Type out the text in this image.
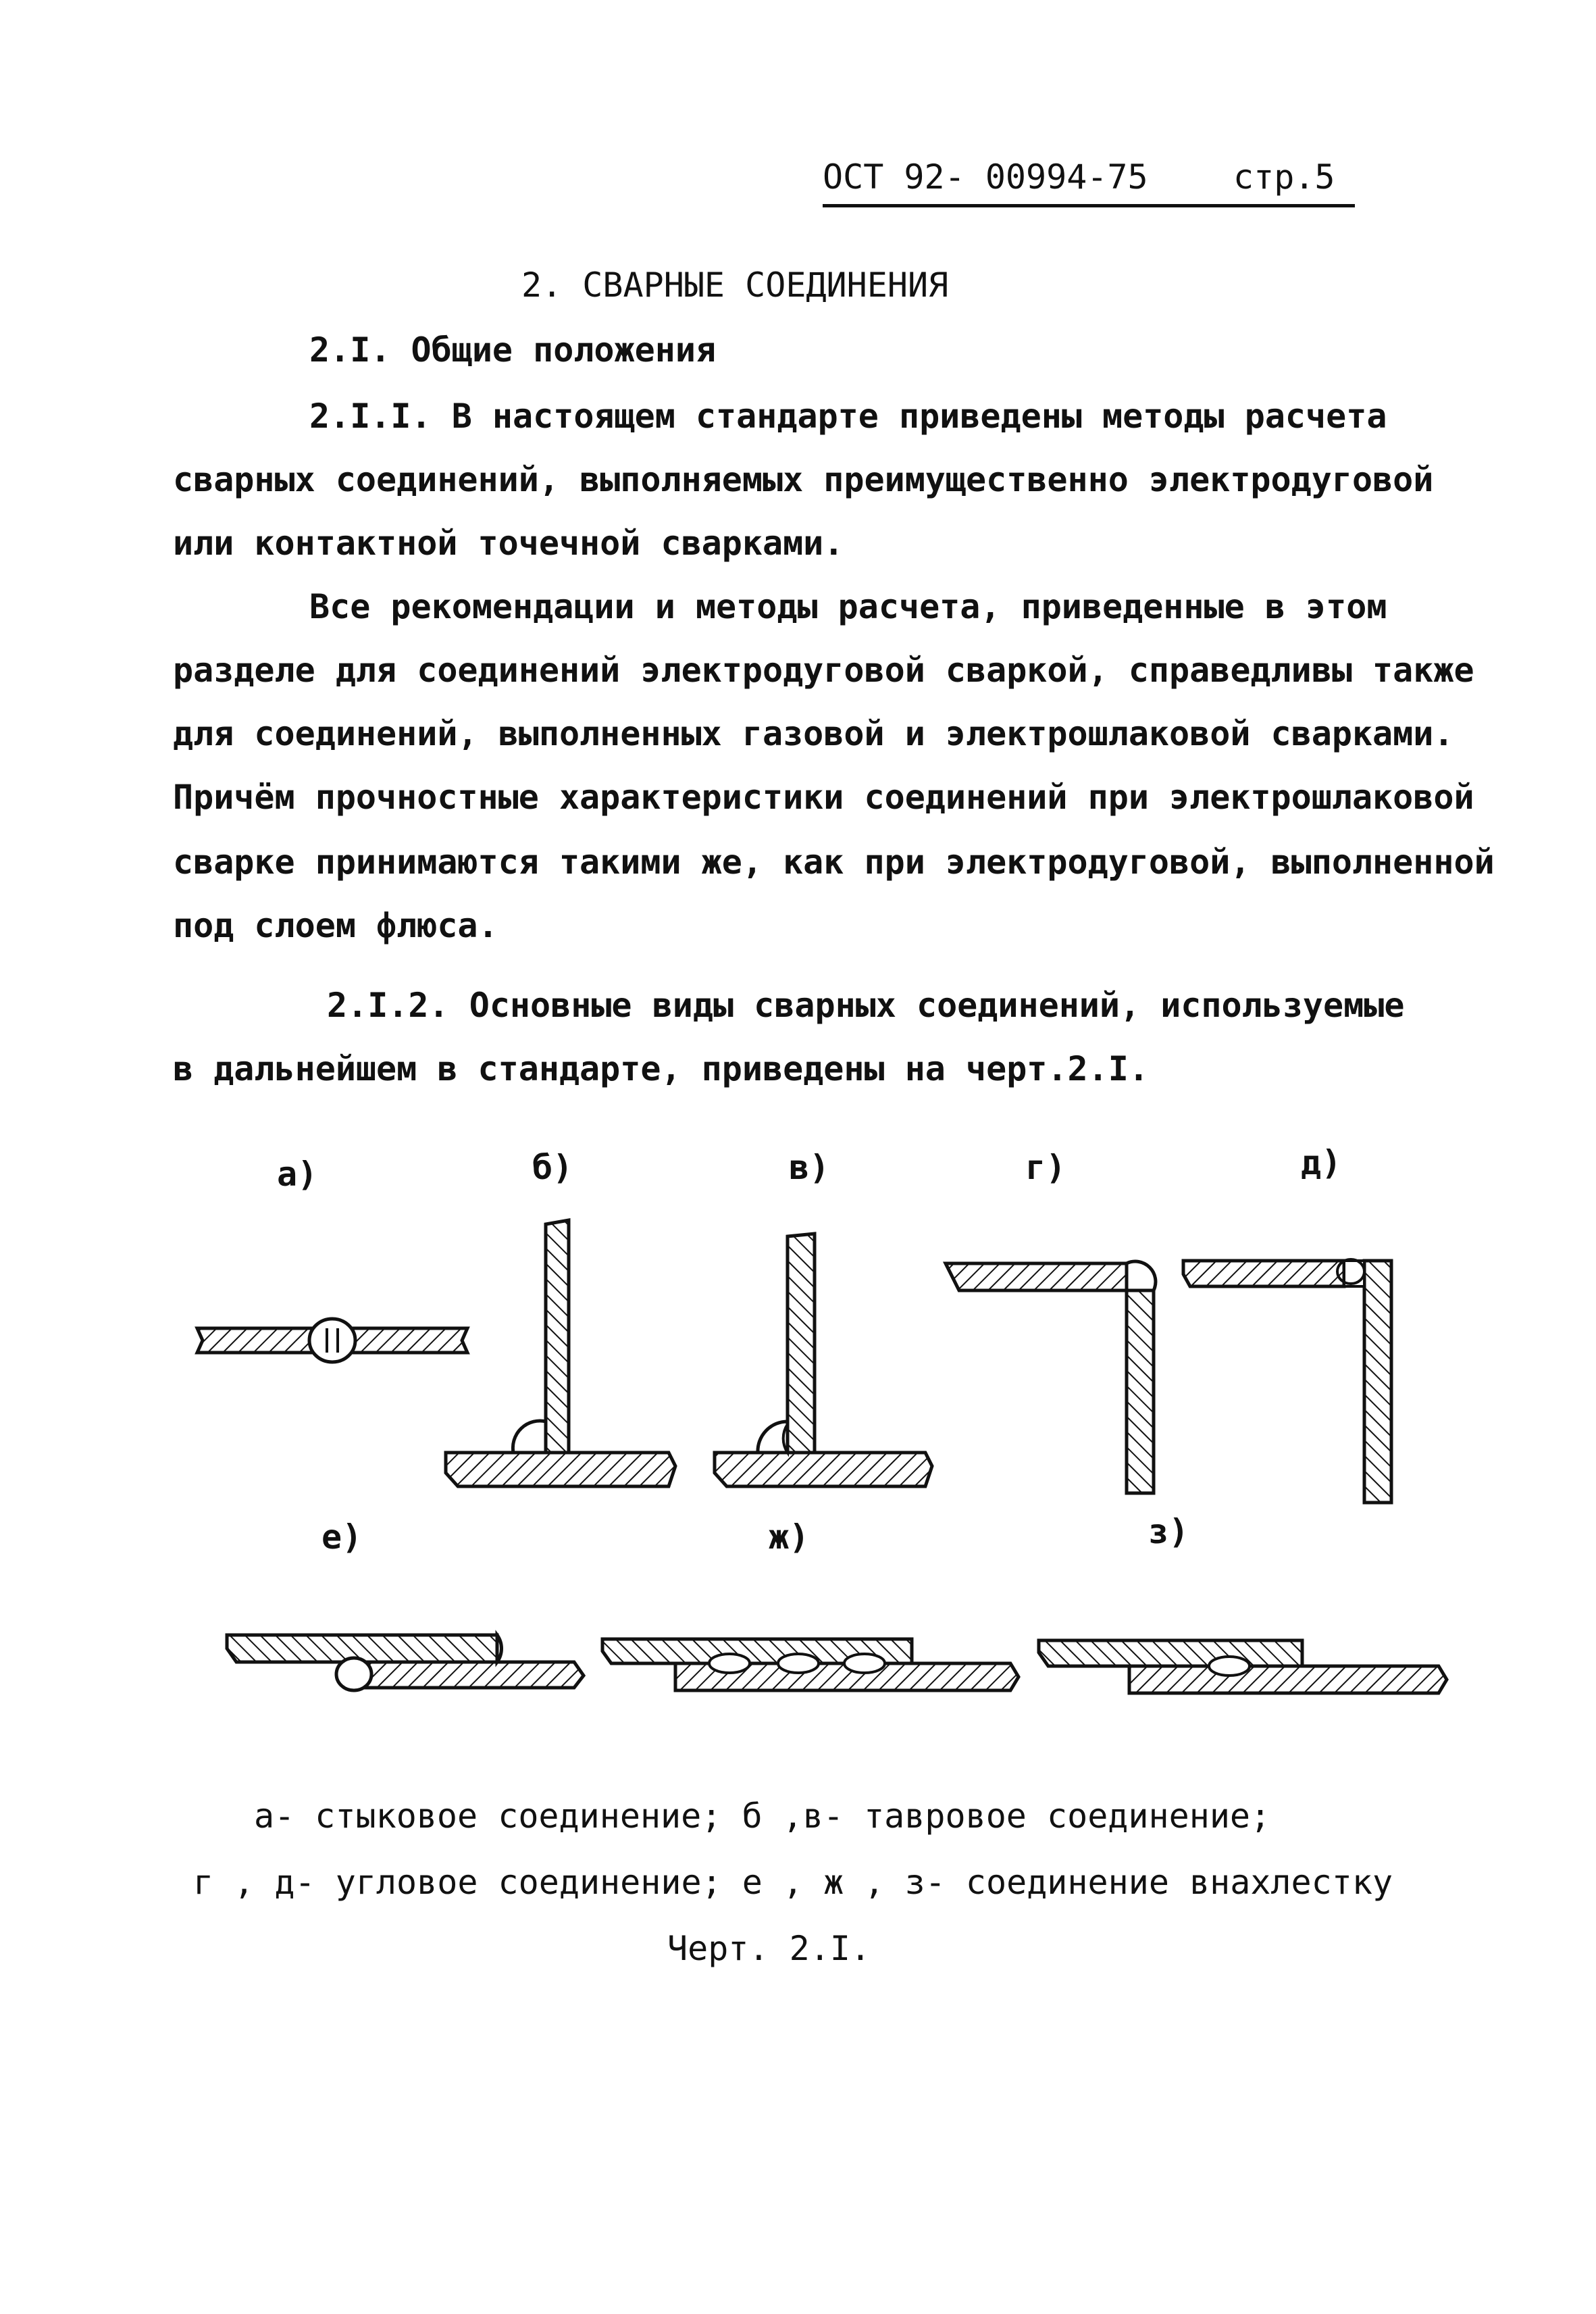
ОСТ 92- 00994-75	стр.5
2. СВАРНЫЕ СОЕДИНЕНИЯ
2.I. Общие положения
2.I.I. В настоящем стандарте приведены методы расчета
сварных соединений, выполняемых преимущественно электродуговой
или контактной точечной сварками.
Все рекомендации и методы расчета, приведенные в этом
разделе для соединений электродуговой сваркой, справедливы также
для соединений, выполненных газовой и электрошлаковой сварками.
Причём прочностные характеристики соединений при электрошлаковой
сварке принимаются такими же, как при электродуговой, выполненной
под слоем флюса.
2.I.2. Основные виды сварных соединений, используемые
в дальнейшем в стандарте, приведены на черт.2.I.
а)	б)	в)	г)	д)
е)	ж)	з)
а- стыковое соединение; б ,в- тавровое соединение;
г , д- угловое соединение; е , ж , з- соединение внахлестку
Черт. 2.I.
